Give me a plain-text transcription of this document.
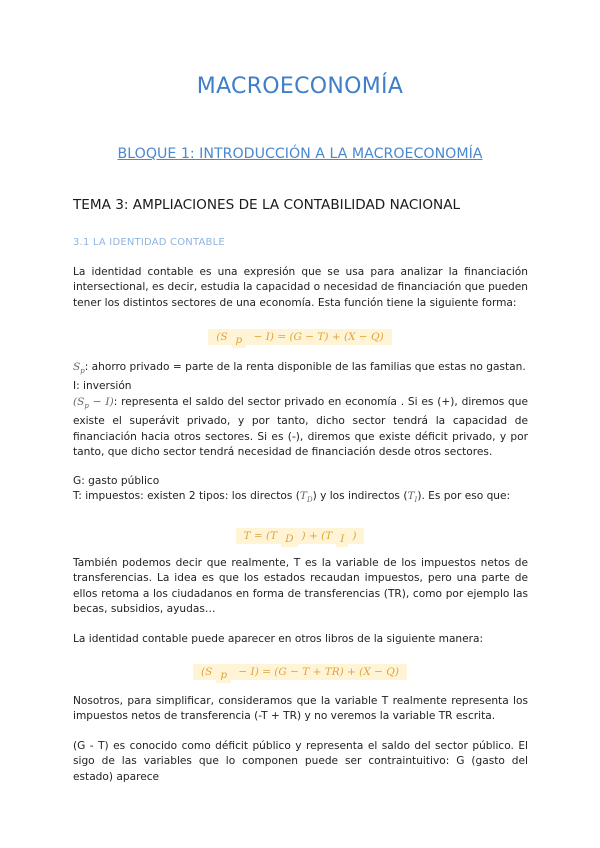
MACROECONOMÍA
BLOQUE 1: INTRODUCCIÓN A LA MACROECONOMÍA
TEMA 3: AMPLIACIONES DE LA CONTABILIDAD NACIONAL
3.1 LA IDENTIDAD CONTABLE

La identidad contable es una expresión que se usa para analizar la financiación intersectional, es decir, estudia la capacidad o necesidad de financiación que pueden tener los distintos sectores de una economía. Esta función tiene la siguiente forma:

(S p − I) = (G − T) + (X − Q)
$S_p$: ahorro privado = parte de la renta disponible de las familias que estas no gastan.
I: inversión
$(S_p - I)$: representa el saldo del sector privado en economía . Si es (+), diremos que existe el superávit privado, y por tanto, dicho sector tendrá la capacidad de financiación hacia otros sectores. Si es (-), diremos que existe déficit privado, y por tanto, que dicho sector tendrá necesidad de financiación desde otros sectores.
G: gasto público
T: impuestos: existen 2 tipos: los directos $(T_D)$ y los indirectos $(T_I)$. Es por eso que:
T = (T D ) + (T I )

También podemos decir que realmente, T es la variable de los impuestos netos de transferencias. La idea es que los estados recaudan impuestos, pero una parte de ellos retoma a los ciudadanos en forma de transferencias (TR), como por ejemplo las becas, subsidios, ayudas…

La identidad contable puede aparecer en otros libros de la siguiente manera:

(S p − I) = (G − T + TR) + (X − Q)

Nosotros, para simplificar, consideramos que la variable T realmente representa los impuestos netos de transferencia (-T + TR) y no veremos la variable TR escrita.

(G - T) es conocido como déficit público y representa el saldo del sector público. El sigo de las variables que lo componen puede ser contraintuitivo: G (gasto del estado) aparece
